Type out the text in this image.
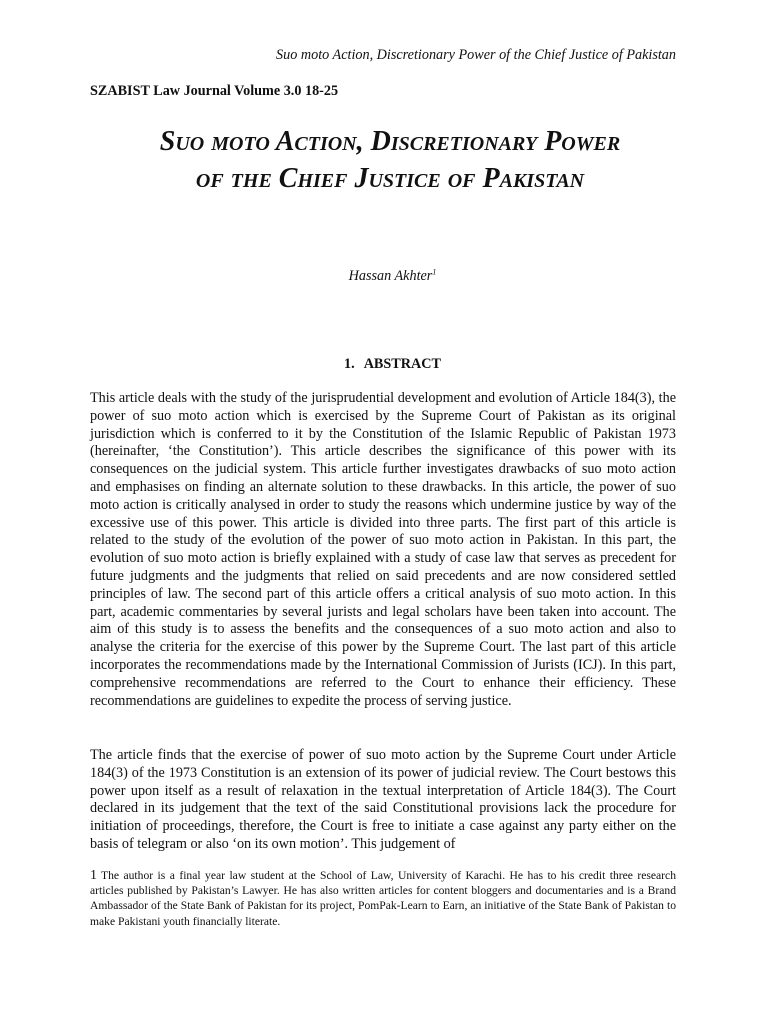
Suo moto Action, Discretionary Power of the Chief Justice of Pakistan
SZABIST Law Journal Volume 3.0 18-25
Suo moto Action, Discretionary Power of the Chief Justice of Pakistan
Hassan Akhter$^1$
1. ABSTRACT

This article deals with the study of the jurisprudential development and evolution of Article 184(3), the power of suo moto action which is exercised by the Supreme Court of Pakistan as its original jurisdiction which is conferred to it by the Constitution of the Islamic Republic of Pakistan 1973 (hereinafter, ‘the Constitution’). This article describes the significance of this power with its consequences on the judicial system. This article further investigates drawbacks of suo moto action and emphasises on finding an alternate solution to these drawbacks. In this article, the power of suo moto action is critically analysed in order to study the reasons which undermine justice by way of the excessive use of this power. This article is divided into three parts. The first part of this article is related to the study of the evolution of the power of suo moto action in Pakistan. In this part, the evolution of suo moto action is briefly explained with a study of case law that serves as precedent for future judgments and the judgments that relied on said precedents and are now considered settled principles of law. The second part of this article offers a critical analysis of suo moto action. In this part, academic commentaries by several jurists and legal scholars have been taken into account. The aim of this study is to assess the benefits and the consequences of a suo moto action and also to analyse the criteria for the exercise of this power by the Supreme Court. The last part of this article incorporates the recommendations made by the International Commission of Jurists (ICJ). In this part, comprehensive recommendations are referred to the Court to enhance their efficiency. These recommendations are guidelines to expedite the process of serving justice.

The article finds that the exercise of power of suo moto action by the Supreme Court under Article 184(3) of the 1973 Constitution is an extension of its power of judicial review. The Court bestows this power upon itself as a result of relaxation in the textual interpretation of Article 184(3). The Court declared in its judgement that the text of the said Constitutional provisions lack the procedure for initiation of proceedings, therefore, the Court is free to initiate a case against any party either on the basis of telegram or also ‘on its own motion’. This judgement of

1 The author is a final year law student at the School of Law, University of Karachi. He has to his credit three research articles published by Pakistan’s Lawyer. He has also written articles for content bloggers and documentaries and is a Brand Ambassador of the State Bank of Pakistan for its project, PomPak-Learn to Earn, an initiative of the State Bank of Pakistan to make Pakistani youth financially literate.
